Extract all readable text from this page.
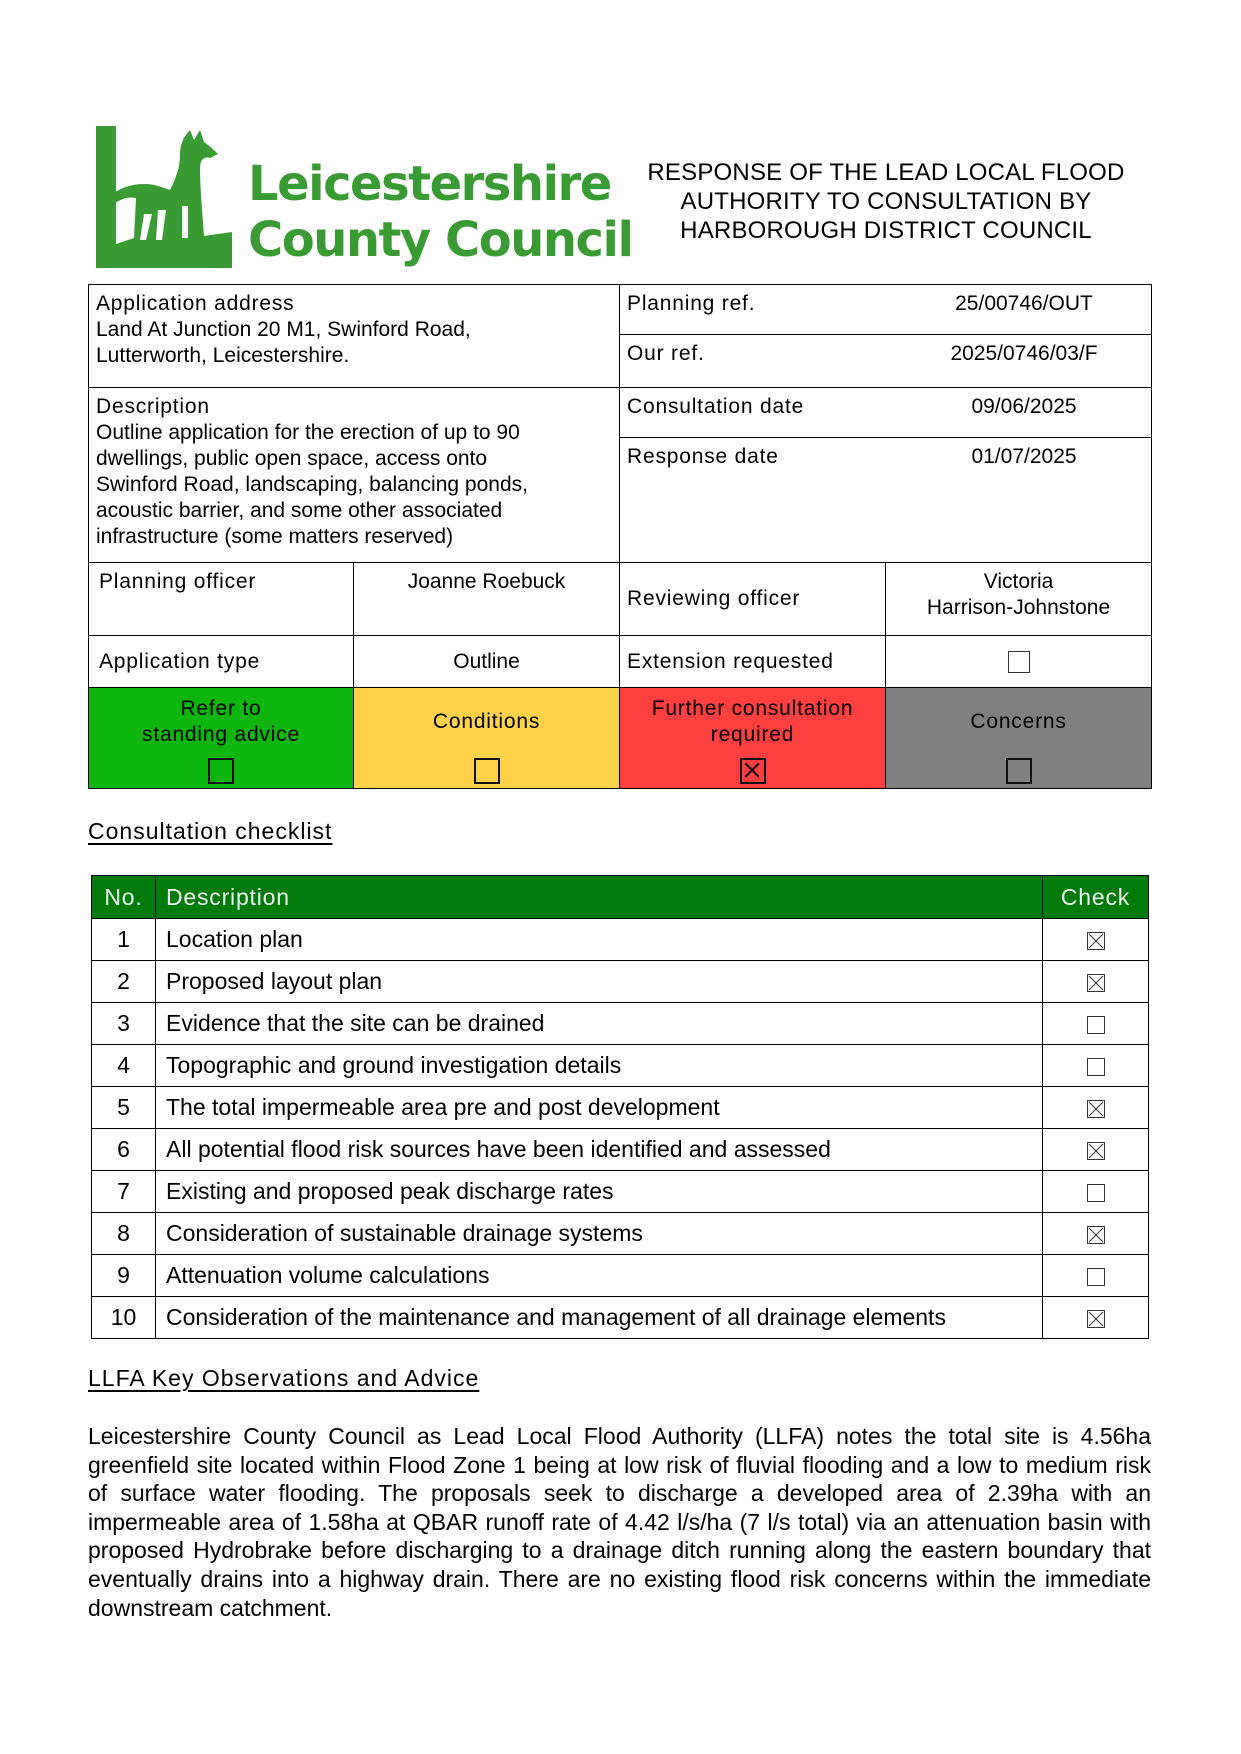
Leicestershire
County Council
RESPONSE OF THE LEAD LOCAL FLOOD
AUTHORITY TO CONSULTATION BY
HARBOROUGH DISTRICT COUNCIL
Application address
Land At Junction 20 M1, Swinford Road,
Lutterworth, Leicestershire.

Planning ref.	25/00746/OUT
Our ref.	2025/0746/03/F

Description
Outline application for the erection of up to 90
dwellings, public open space, access onto
Swinford Road, landscaping, balancing ponds,
acoustic barrier, and some other associated
infrastructure (some matters reserved)

Consultation date	09/06/2025
Response date	01/07/2025

Planning officer	Joanne Roebuck	Reviewing officer	Victoria
Harrison-Johnstone

Application type	Outline	Extension requested	

Refer to
standing advice	Conditions	Further consultation
required	Concerns
Consultation checklist
No.	Description	Check
1	Location plan	

2	Proposed layout plan	

3	Evidence that the site can be drained	
4	Topographic and ground investigation details	
5	The total impermeable area pre and post development	

6	All potential flood risk sources have been identified and assessed	

7	Existing and proposed peak discharge rates	
8	Consideration of sustainable drainage systems	

9	Attenuation volume calculations	
10	Consideration of the maintenance and management of all drainage elements	
LLFA Key Observations and Advice
Leicestershire County Council as Lead Local Flood Authority (LLFA) notes the total site is 4.56ha greenfield site located within Flood Zone 1 being at low risk of fluvial flooding and a low to medium risk of surface water flooding. The proposals seek to discharge a developed area of 2.39ha with an impermeable area of 1.58ha at QBAR runoff rate of 4.42 l/s/ha (7 l/s total) via an attenuation basin with proposed Hydrobrake before discharging to a drainage ditch running along the eastern boundary that eventually drains into a highway drain. There are no existing flood risk concerns within the immediate downstream catchment.
